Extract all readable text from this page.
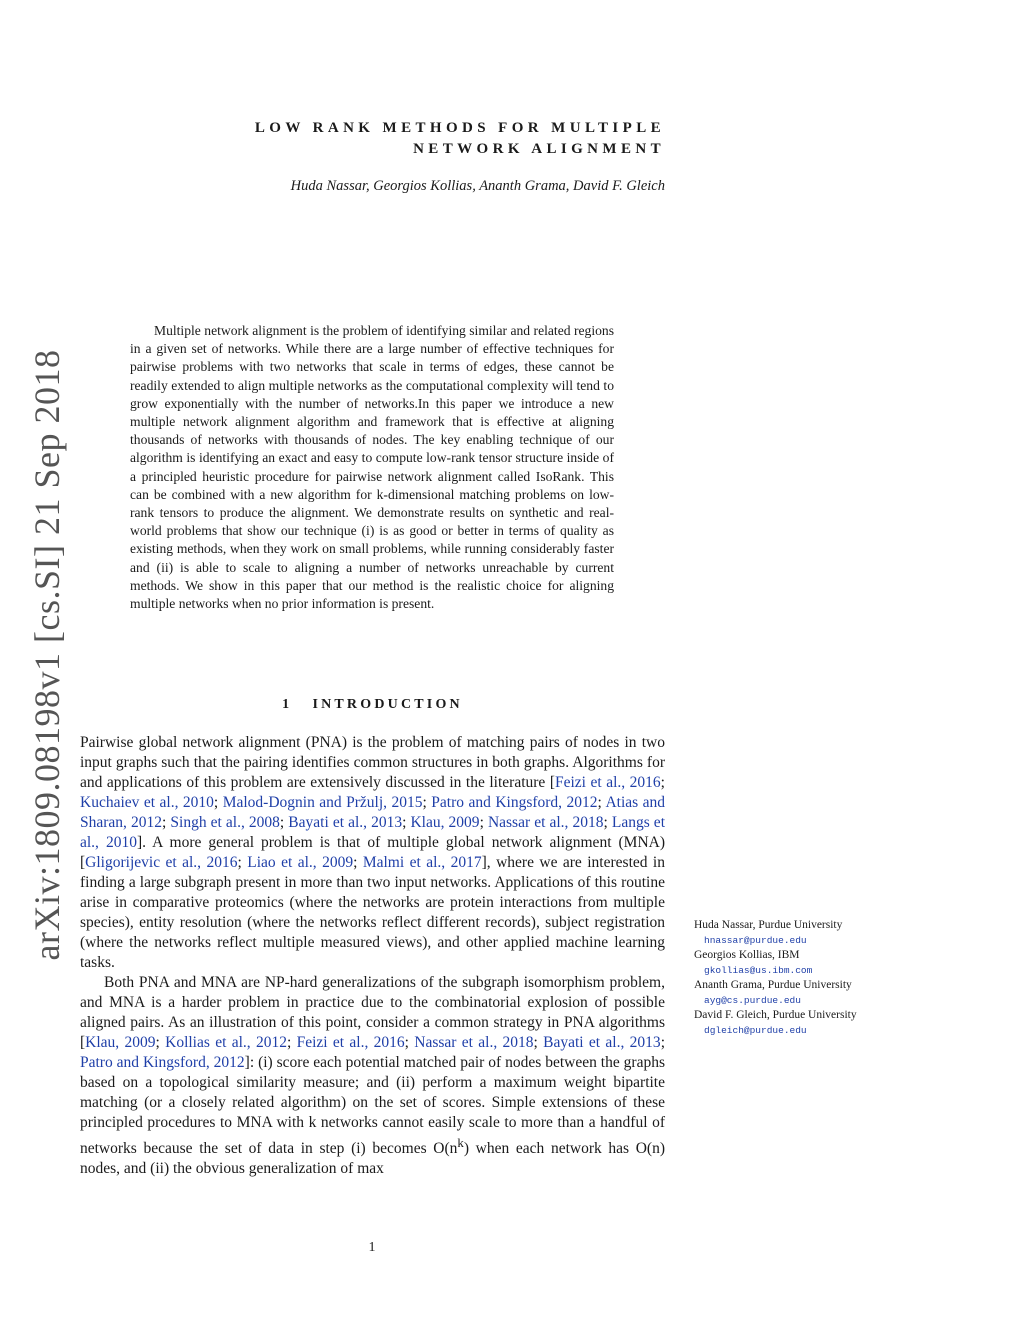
arXiv:1809.08198v1 [cs.SI] 21 Sep 2018
LOW RANK METHODS FOR MULTIPLE
NETWORK ALIGNMENT
Huda Nassar, Georgios Kollias, Ananth Grama, David F. Gleich

Multiple network alignment is the problem of identifying similar and related regions in a given set of networks. While there are a large number of effective techniques for pairwise problems with two networks that scale in terms of edges, these cannot be readily extended to align multiple networks as the computational complexity will tend to grow exponentially with the number of networks.In this paper we introduce a new multiple network alignment algorithm and framework that is effective at aligning thousands of networks with thousands of nodes. The key enabling technique of our algorithm is identifying an exact and easy to compute low-rank tensor structure inside of a principled heuristic procedure for pairwise network alignment called IsoRank. This can be combined with a new algorithm for k-dimensional matching problems on low-rank tensors to produce the alignment. We demonstrate results on synthetic and real-world problems that show our technique (i) is as good or better in terms of quality as existing methods, when they work on small problems, while running considerably faster and (ii) is able to scale to aligning a number of networks unreachable by current methods. We show in this paper that our method is the realistic choice for aligning multiple networks when no prior information is present.

1 INTRODUCTION

Pairwise global network alignment (PNA) is the problem of matching pairs of nodes in two input graphs such that the pairing identifies common structures in both graphs. Algorithms for and applications of this problem are extensively discussed in the literature [Feizi et al., 2016; Kuchaiev et al., 2010; Malod-Dognin and Pržulj, 2015; Patro and Kingsford, 2012; Atias and Sharan, 2012; Singh et al., 2008; Bayati et al., 2013; Klau, 2009; Nassar et al., 2018; Langs et al., 2010]. A more general problem is that of multiple global network alignment (MNA) [Gligorijevic et al., 2016; Liao et al., 2009; Malmi et al., 2017], where we are interested in finding a large subgraph present in more than two input networks. Applications of this routine arise in comparative proteomics (where the networks are protein interactions from multiple species), entity resolution (where the networks reflect different records), subject registration (where the networks reflect multiple measured views), and other applied machine learning tasks.

Both PNA and MNA are NP-hard generalizations of the subgraph isomorphism problem, and MNA is a harder problem in practice due to the combinatorial explosion of possible aligned pairs. As an illustration of this point, consider a common strategy in PNA algorithms [Klau, 2009; Kollias et al., 2012; Feizi et al., 2016; Nassar et al., 2018; Bayati et al., 2013; Patro and Kingsford, 2012]: (i) score each potential matched pair of nodes between the graphs based on a topological similarity measure; and (ii) perform a maximum weight bipartite matching (or a closely related algorithm) on the set of scores. Simple extensions of these principled procedures to MNA with k networks cannot easily scale to more than a handful of networks because the set of data in step (i) becomes $O(n^k)$ when each network has O(n) nodes, and (ii) the obvious generalization of max

Huda Nassar, Purdue University
hnassar@purdue.edu
Georgios Kollias, IBM
gkollias@us.ibm.com
Ananth Grama, Purdue University
ayg@cs.purdue.edu
David F. Gleich, Purdue University
dgleich@purdue.edu
1
